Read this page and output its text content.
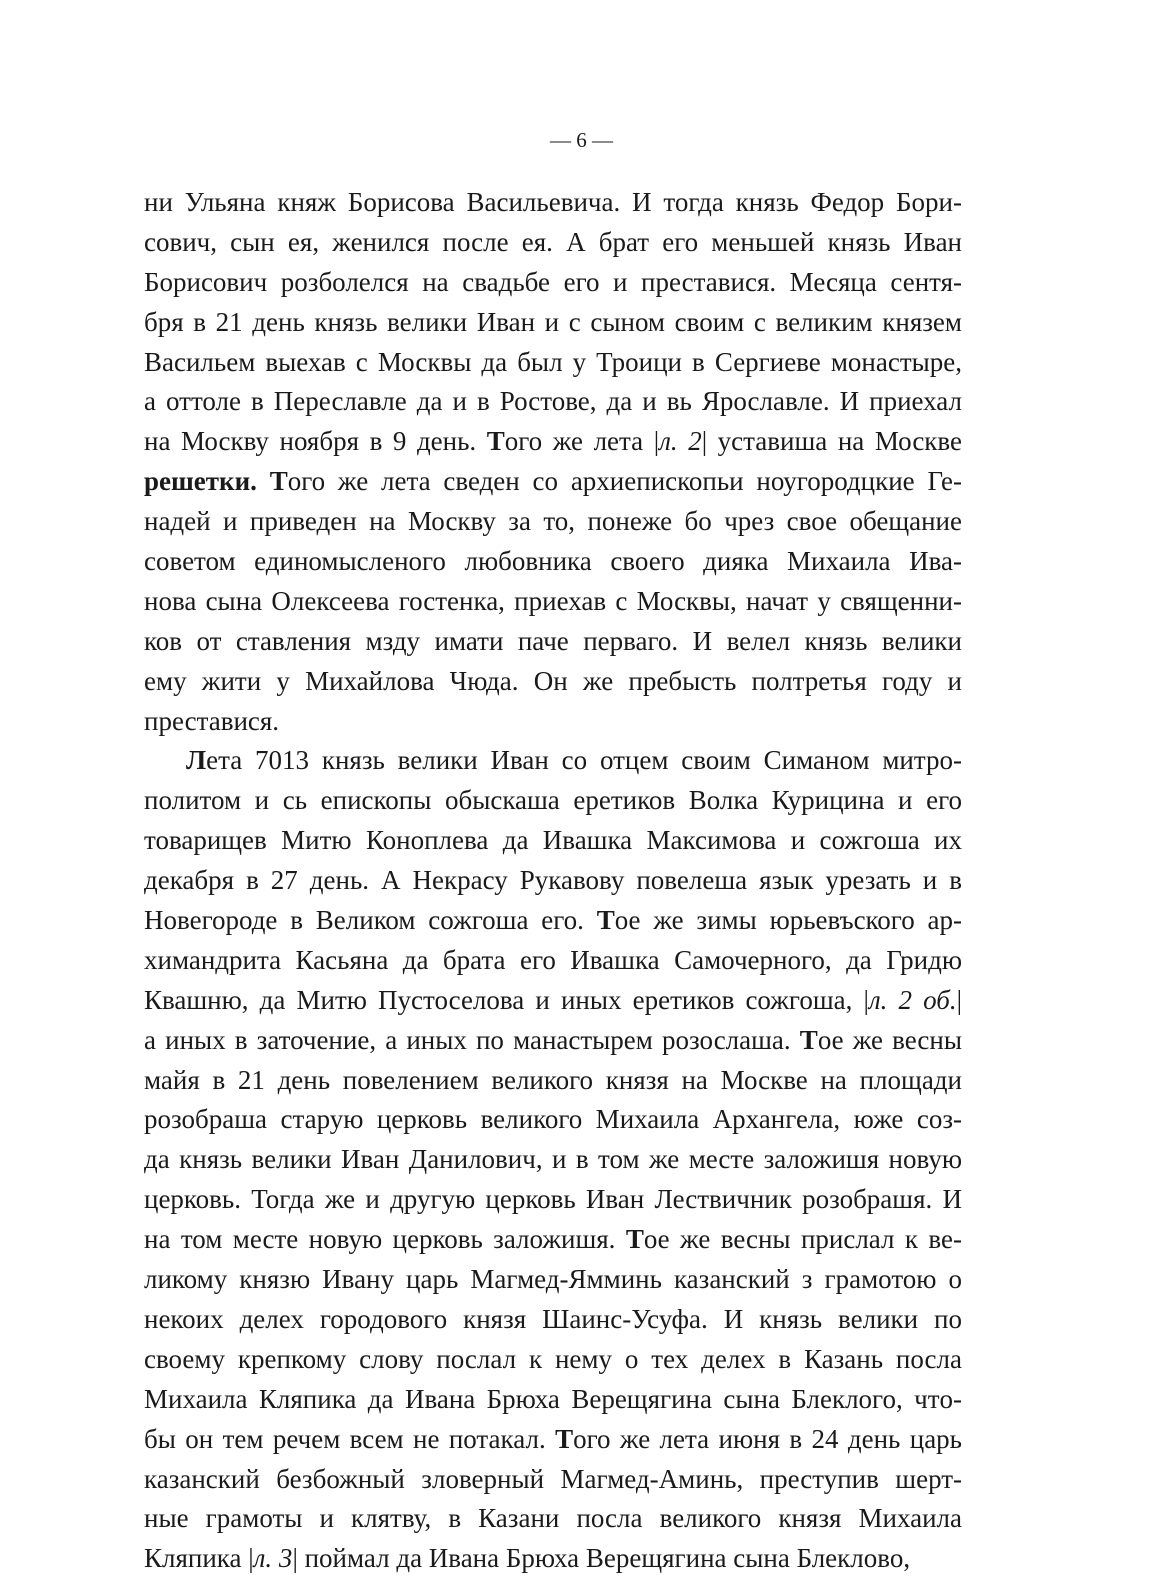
— 6 —
ни Ульяна княж Борисова Васильевича. И тогда князь Федор Бори-
сович, сын ея, женился после ея. А брат его меньшей князь Иван
Борисович розболелся на свадьбе его и преставися. Месяца сентя-
бря в 21 день князь велики Иван и с сыном своим с великим князем
Васильем выехав с Москвы да был у Троици в Сергиеве монастыре,
а оттоле в Переславле да и в Ростове, да и вь Ярославле. И приехал
на Москву ноября в 9 день. Того же лета |л. 2| уставиша на Москве
решетки. Того же лета сведен со архиепископьи ноугородцкие Ге-
надей и приведен на Москву за то, понеже бо чрез свое обещание
советом единомысленого любовника своего дияка Михаила Ива-
нова сына Олексеева гостенка, приехав с Москвы, начат у священни-
ков от ставления мзду имати паче перваго. И велел князь велики
ему жити у Михайлова Чюда. Он же пребысть полтретья году и
преставися.
Лета 7013 князь велики Иван со отцем своим Симаном митро-
политом и сь епископы обыскаша еретиков Волка Курицина и его
товарищев Митю Коноплева да Ивашка Максимова и сожгоша их
декабря в 27 день. А Некрасу Рукавову повелеша язык урезать и в
Новегороде в Великом сожгоша его. Тое же зимы юрьевъского ар-
химандрита Касьяна да брата его Ивашка Самочерного, да Гридю
Квашню, да Митю Пустоселова и иных еретиков сожгоша, |л. 2 об.|
а иных в заточение, а иных по манастырем розослаша. Тое же весны
майя в 21 день повелением великого князя на Москве на площади
розобраша старую церковь великого Михаила Архангела, юже соз-
да князь велики Иван Данилович, и в том же месте заложишя новую
церковь. Тогда же и другую церковь Иван Лествичник розобрашя. И
на том месте новую церковь заложишя. Тое же весны прислал к ве-
ликому князю Ивану царь Магмед-Ямминь казанский з грамотою о
некоих делех городового князя Шаинс-Усуфа. И князь велики по
своему крепкому слову послал к нему о тех делех в Казань посла
Михаила Кляпика да Ивана Брюха Верещягина сына Блеклого, чтo-
бы он тем речем всем не потакал. Того же лета июня в 24 день царь
казанский безбожный зловерный Магмед-Аминь, преступив шерт-
ные грамоты и клятву, в Казани посла великого князя Михаила
Кляпика |л. 3| поймал да Ивана Брюха Верещягина сына Блеклово,
